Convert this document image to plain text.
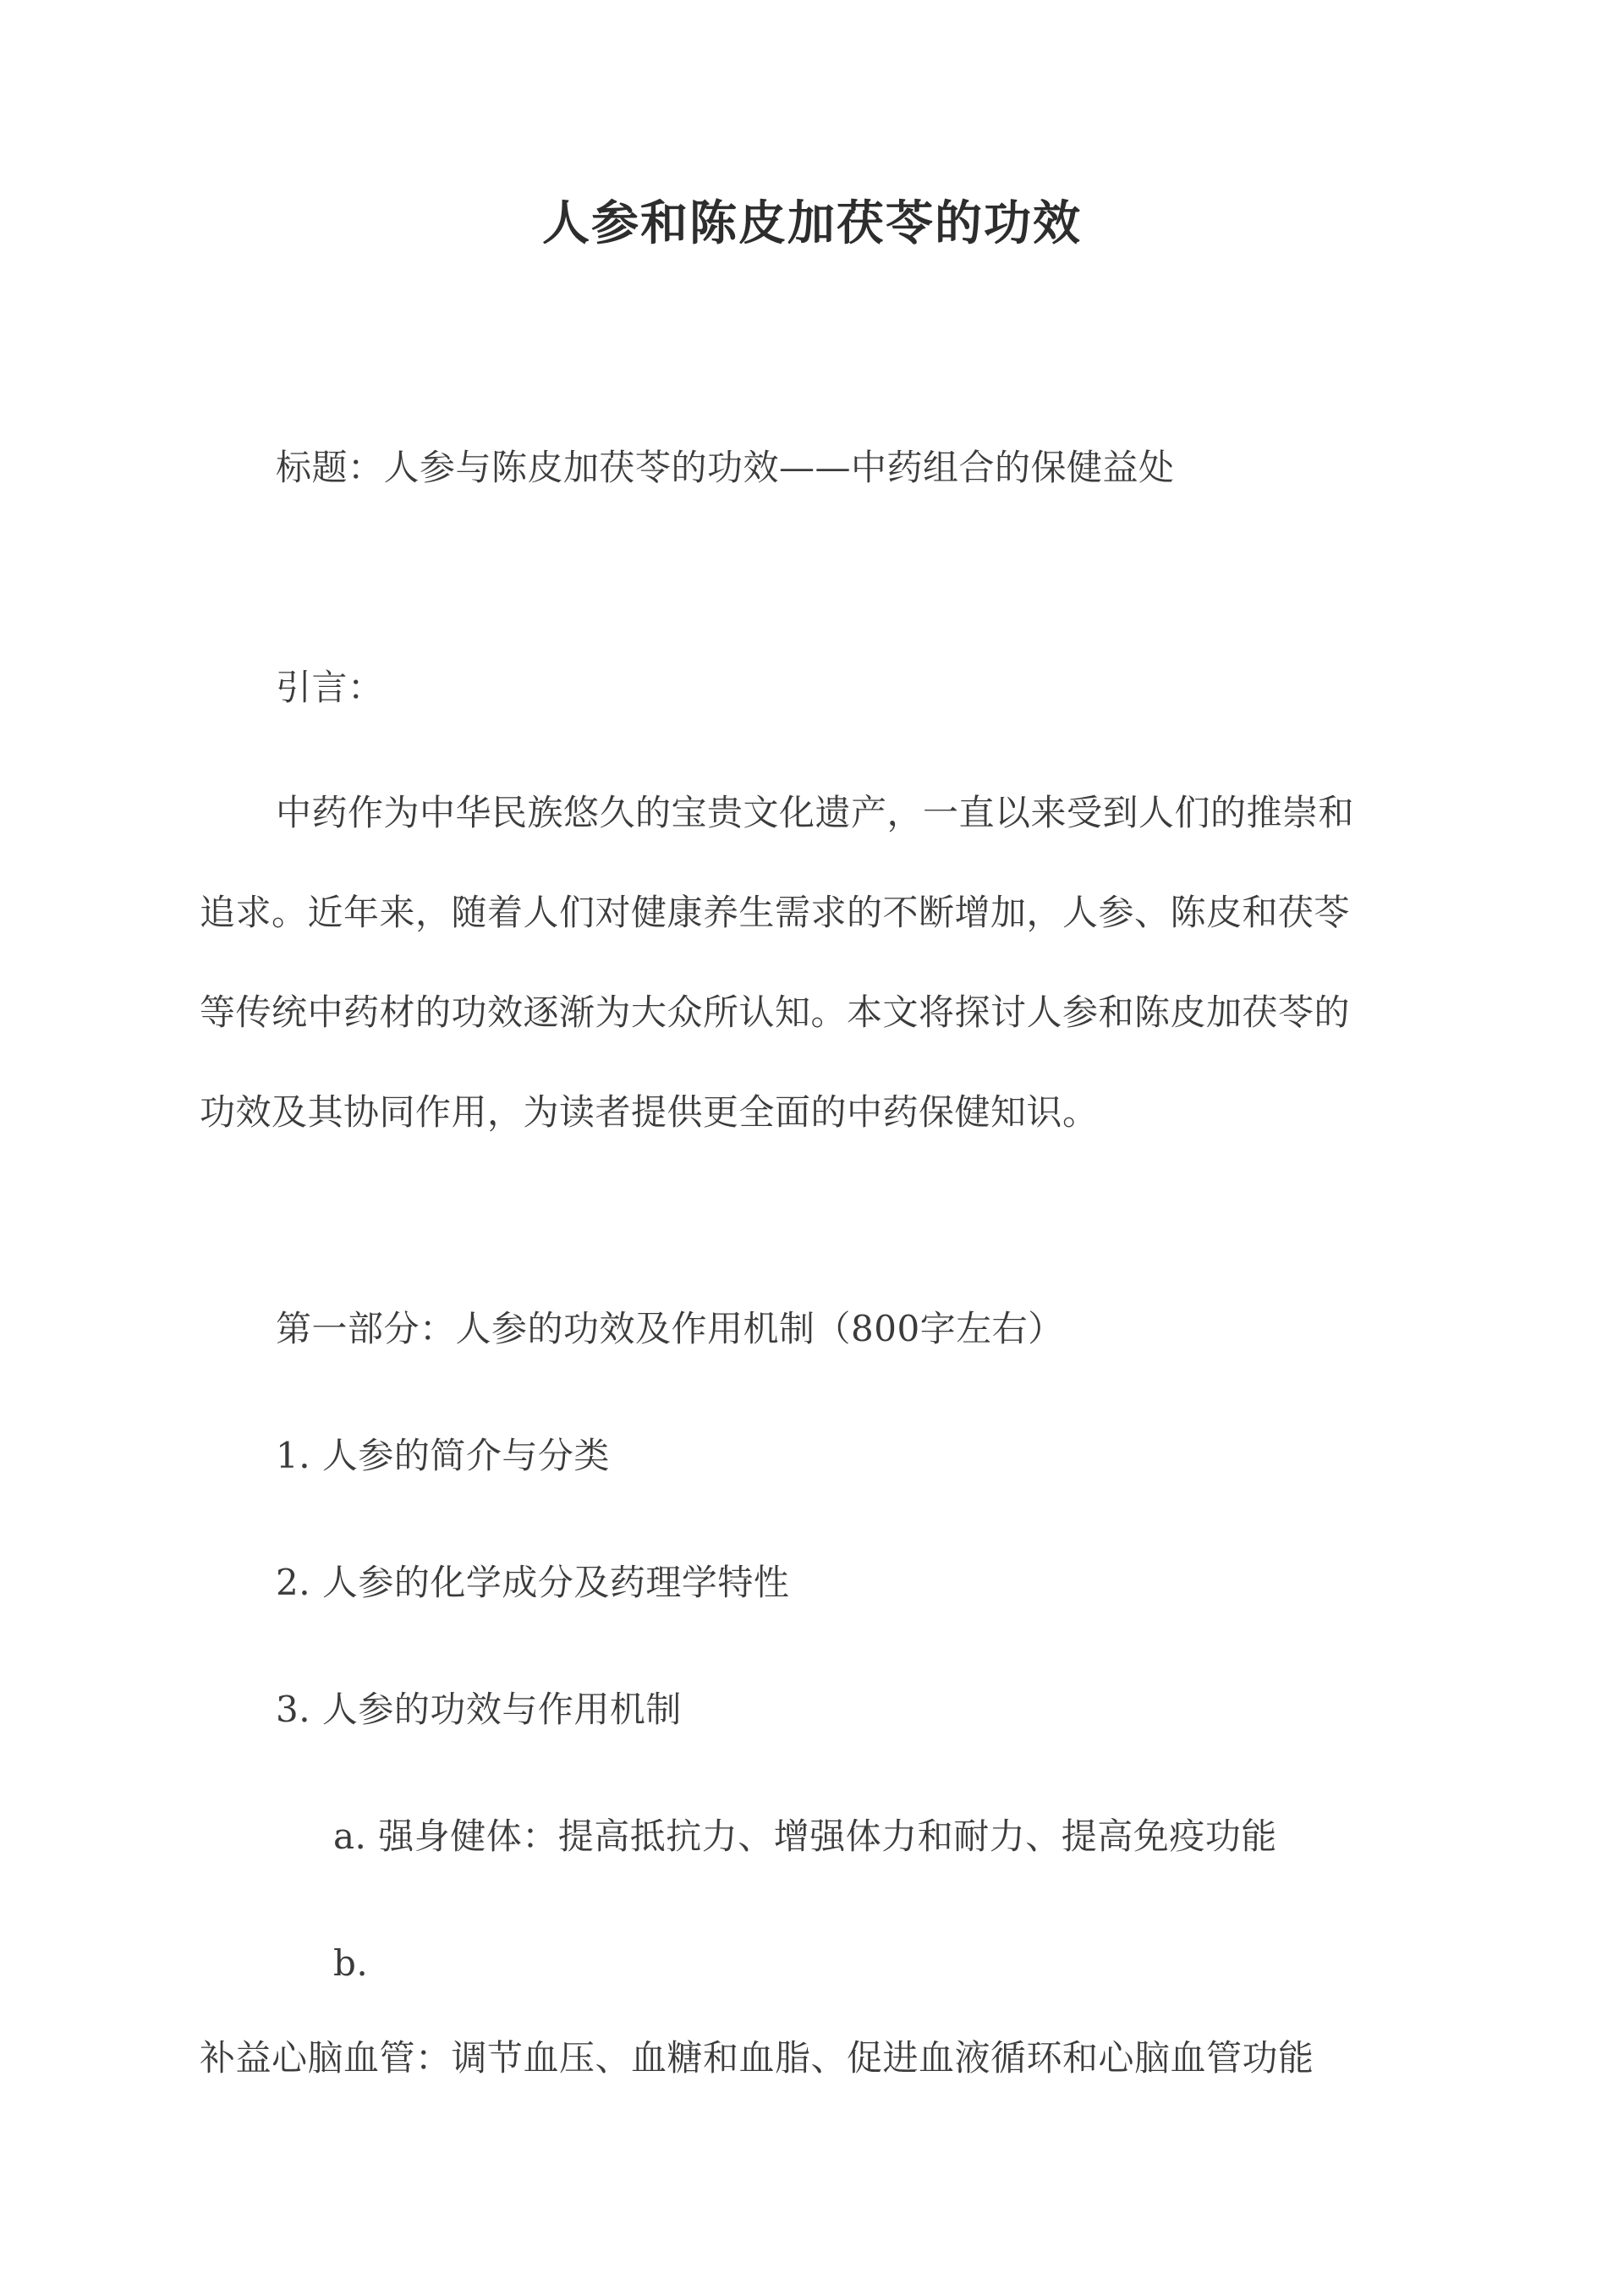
人参和陈皮加茯苓的功效
标题：人参与陈皮加茯苓的功效——中药组合的保健益处
引言：
中药作为中华民族悠久的宝贵文化遗产，一直以来受到人们的推崇和
追求。近年来，随着人们对健康养生需求的不断增加，人参、陈皮和茯苓
等传统中药材的功效逐渐为大众所认知。本文将探讨人参和陈皮加茯苓的
功效及其协同作用，为读者提供更全面的中药保健知识。
第一部分：人参的功效及作用机制（800字左右）
1. 人参的简介与分类
2. 人参的化学成分及药理学特性
3. 人参的功效与作用机制
a. 强身健体：提高抵抗力、增强体力和耐力、提高免疫功能
b.
补益心脑血管：调节血压、血糖和血脂、促进血液循环和心脑血管功能
